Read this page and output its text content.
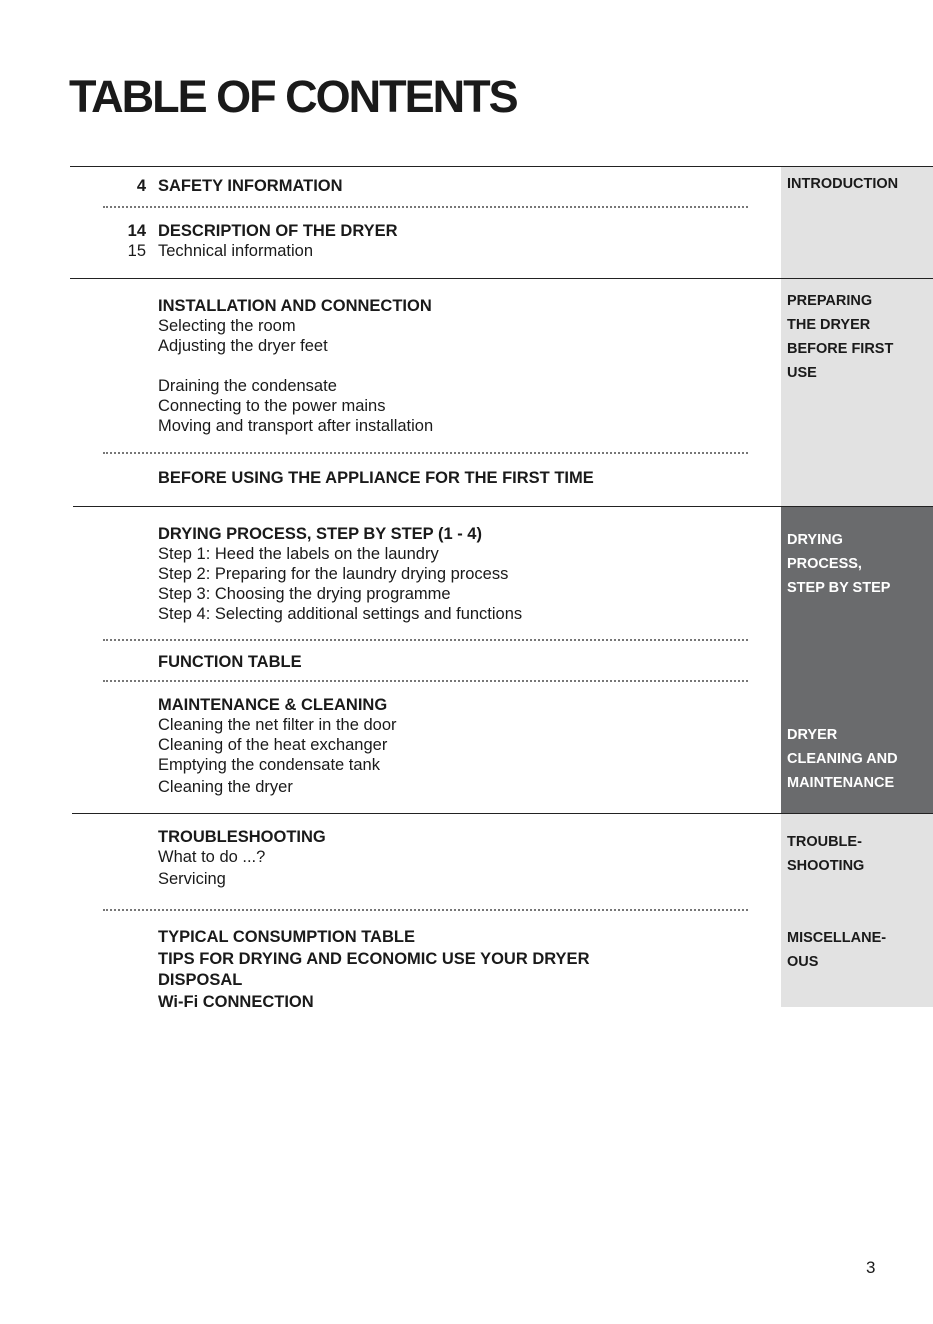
TABLE OF CONTENTS
4 SAFETY INFORMATION
14 DESCRIPTION OF THE DRYER
15 Technical information
INSTALLATION AND CONNECTION
Selecting the room
Adjusting the dryer feet
Draining the condensate
Connecting to the power mains
Moving and transport after installation
BEFORE USING THE APPLIANCE FOR THE FIRST TIME
DRYING PROCESS, STEP BY STEP (1 - 4)
Step 1: Heed the labels on the laundry
Step 2: Preparing for the laundry drying process
Step 3: Choosing the drying programme
Step 4: Selecting additional settings and functions
FUNCTION TABLE
MAINTENANCE & CLEANING
Cleaning the net filter in the door
Cleaning of the heat exchanger
Emptying the condensate tank
Cleaning the dryer
TROUBLESHOOTING
What to do ...?
Servicing
TYPICAL CONSUMPTION TABLE
TIPS FOR DRYING AND ECONOMIC USE YOUR DRYER
DISPOSAL
Wi-Fi CONNECTION
INTRODUCTION
PREPARING
THE DRYER
BEFORE FIRST
USE
DRYING
PROCESS,
STEP BY STEP
DRYER
CLEANING AND
MAINTENANCE
TROUBLE-
SHOOTING
MISCELLANE-
OUS
3
